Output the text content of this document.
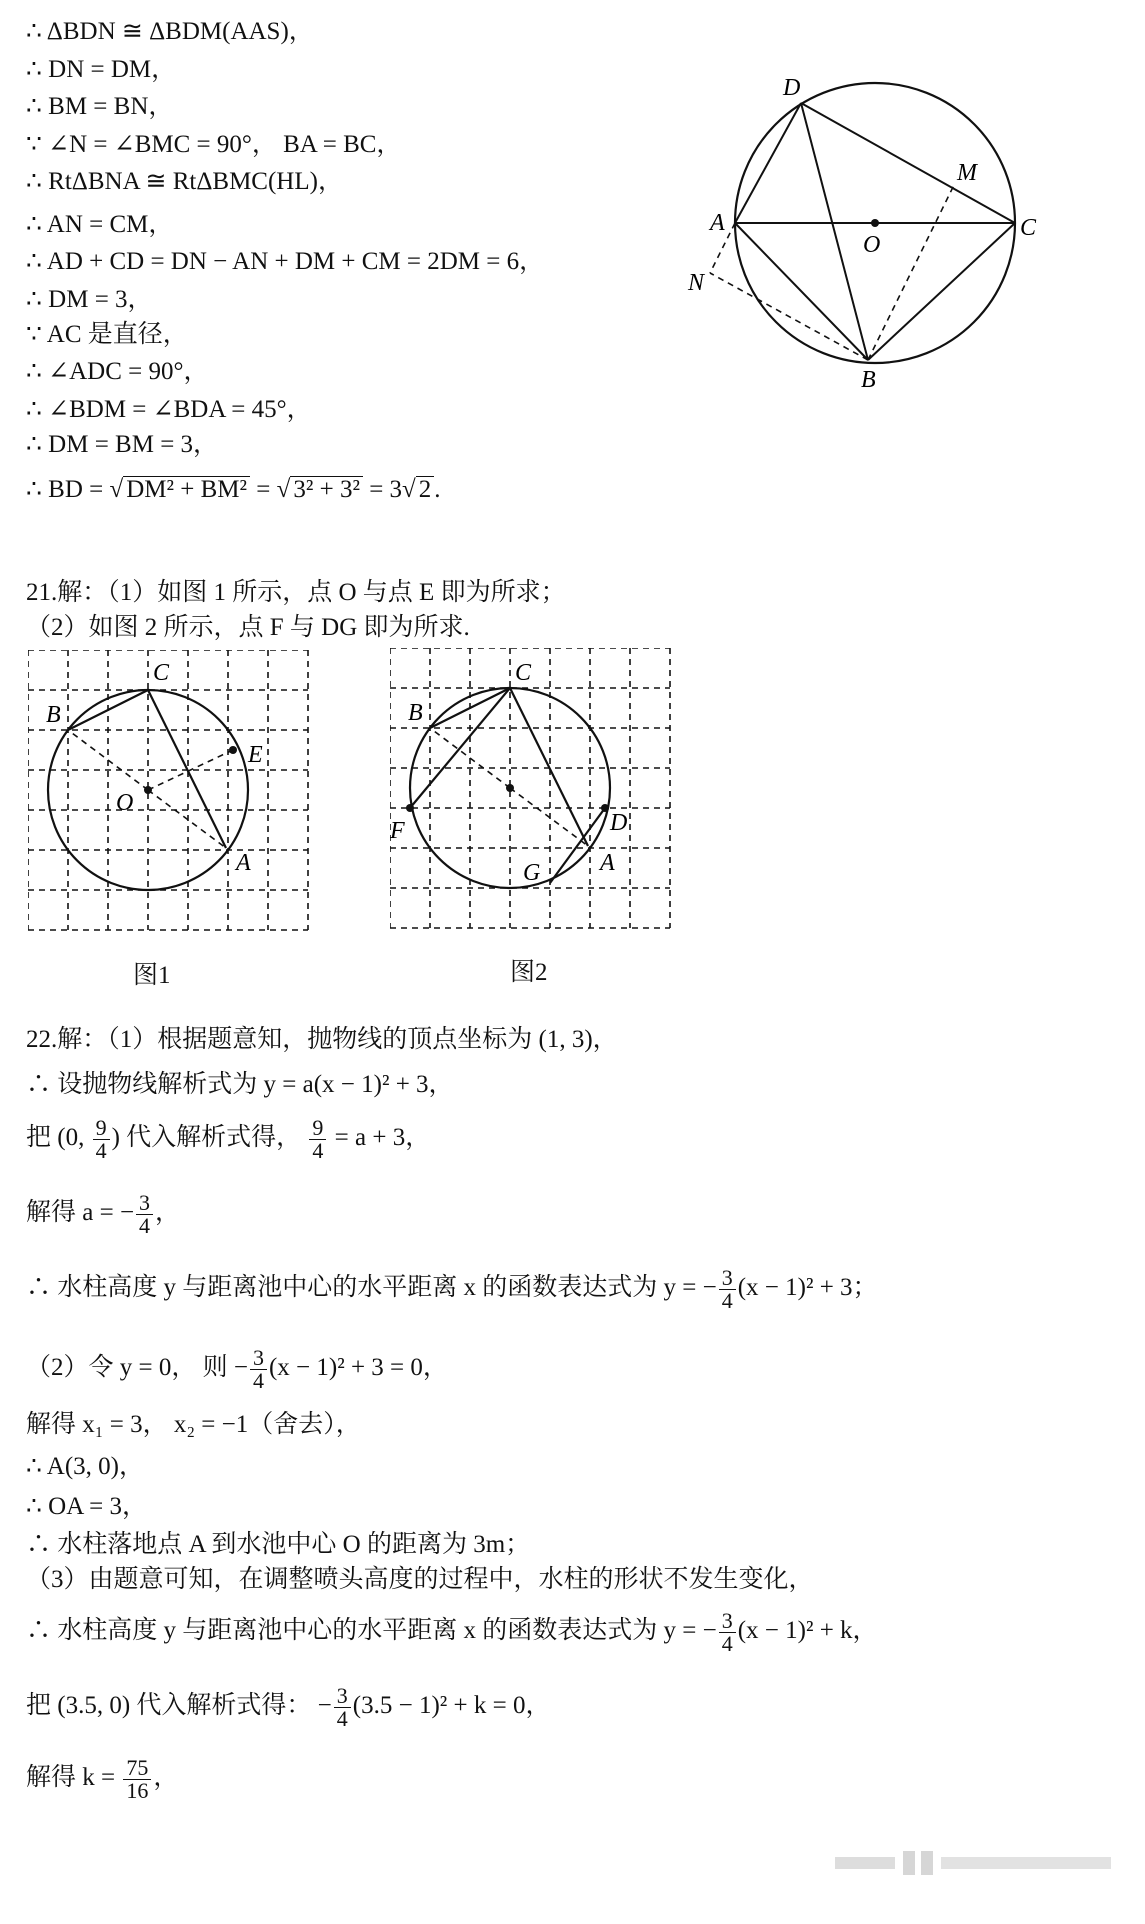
∴ ΔBDN ≅ ΔBDM(AAS)，
∴ DN = DM，
∴ BM = BN，
∵ ∠N = ∠BMC = 90°， BA = BC，
∴ RtΔBNA ≅ RtΔBMC(HL)，
∴ AN = CM，
∴ AD + CD = DN − AN + DM + CM = 2DM = 6，
∴ DM = 3，
∵ AC 是直径，
∴ ∠ADC = 90°，
∴ ∠BDM = ∠BDA = 45°，
∴ DM = BM = 3，
∴ BD = √ DM² + BM² = √ 3² + 3² = 3√ 2 .
D
M
A
O
C
N
B
21.解：（1）如图 1 所示，点 O 与点 E 即为所求；
（2）如图 2 所示，点 F 与 DG 即为所求.
B
C
E
O
A
图1
B
C
F	D
G A
图2
22.解：（1）根据题意知，抛物线的顶点坐标为 (1, 3)，
∴ 设抛物线解析式为 y = a(x − 1)² + 3，
把 (0, $\frac{9}{4}$ ) 代入解析式得， $\frac{9}{4} = a + 3$，
解得 a = − $\frac{3}{4}$ ，
∴ 水柱高度 y 与距离池中心的水平距离 x 的函数表达式为 y = − $\frac{3}{4} (x - 1)^2 + 3$；
（2）令 y = 0， 则 − $\frac{3}{4} (x - 1)^2 + 3 = 0$，
解得 x₁ = 3， x₂ = −1（舍去），
∴ A(3, 0)，
∴ OA = 3，
∴ 水柱落地点 A 到水池中心 O 的距离为 3m；
（3）由题意可知，在调整喷头高度的过程中，水柱的形状不发生变化，
∴ 水柱高度 y 与距离池中心的水平距离 x 的函数表达式为 y = − $\frac{3}{4} (x - 1)^2 + k$，
把 (3.5, 0) 代入解析式得： − $\frac{3}{4} (3.5 - 1)^2 + k = 0$，
解得 $k = \frac{75}{16}$ ，
